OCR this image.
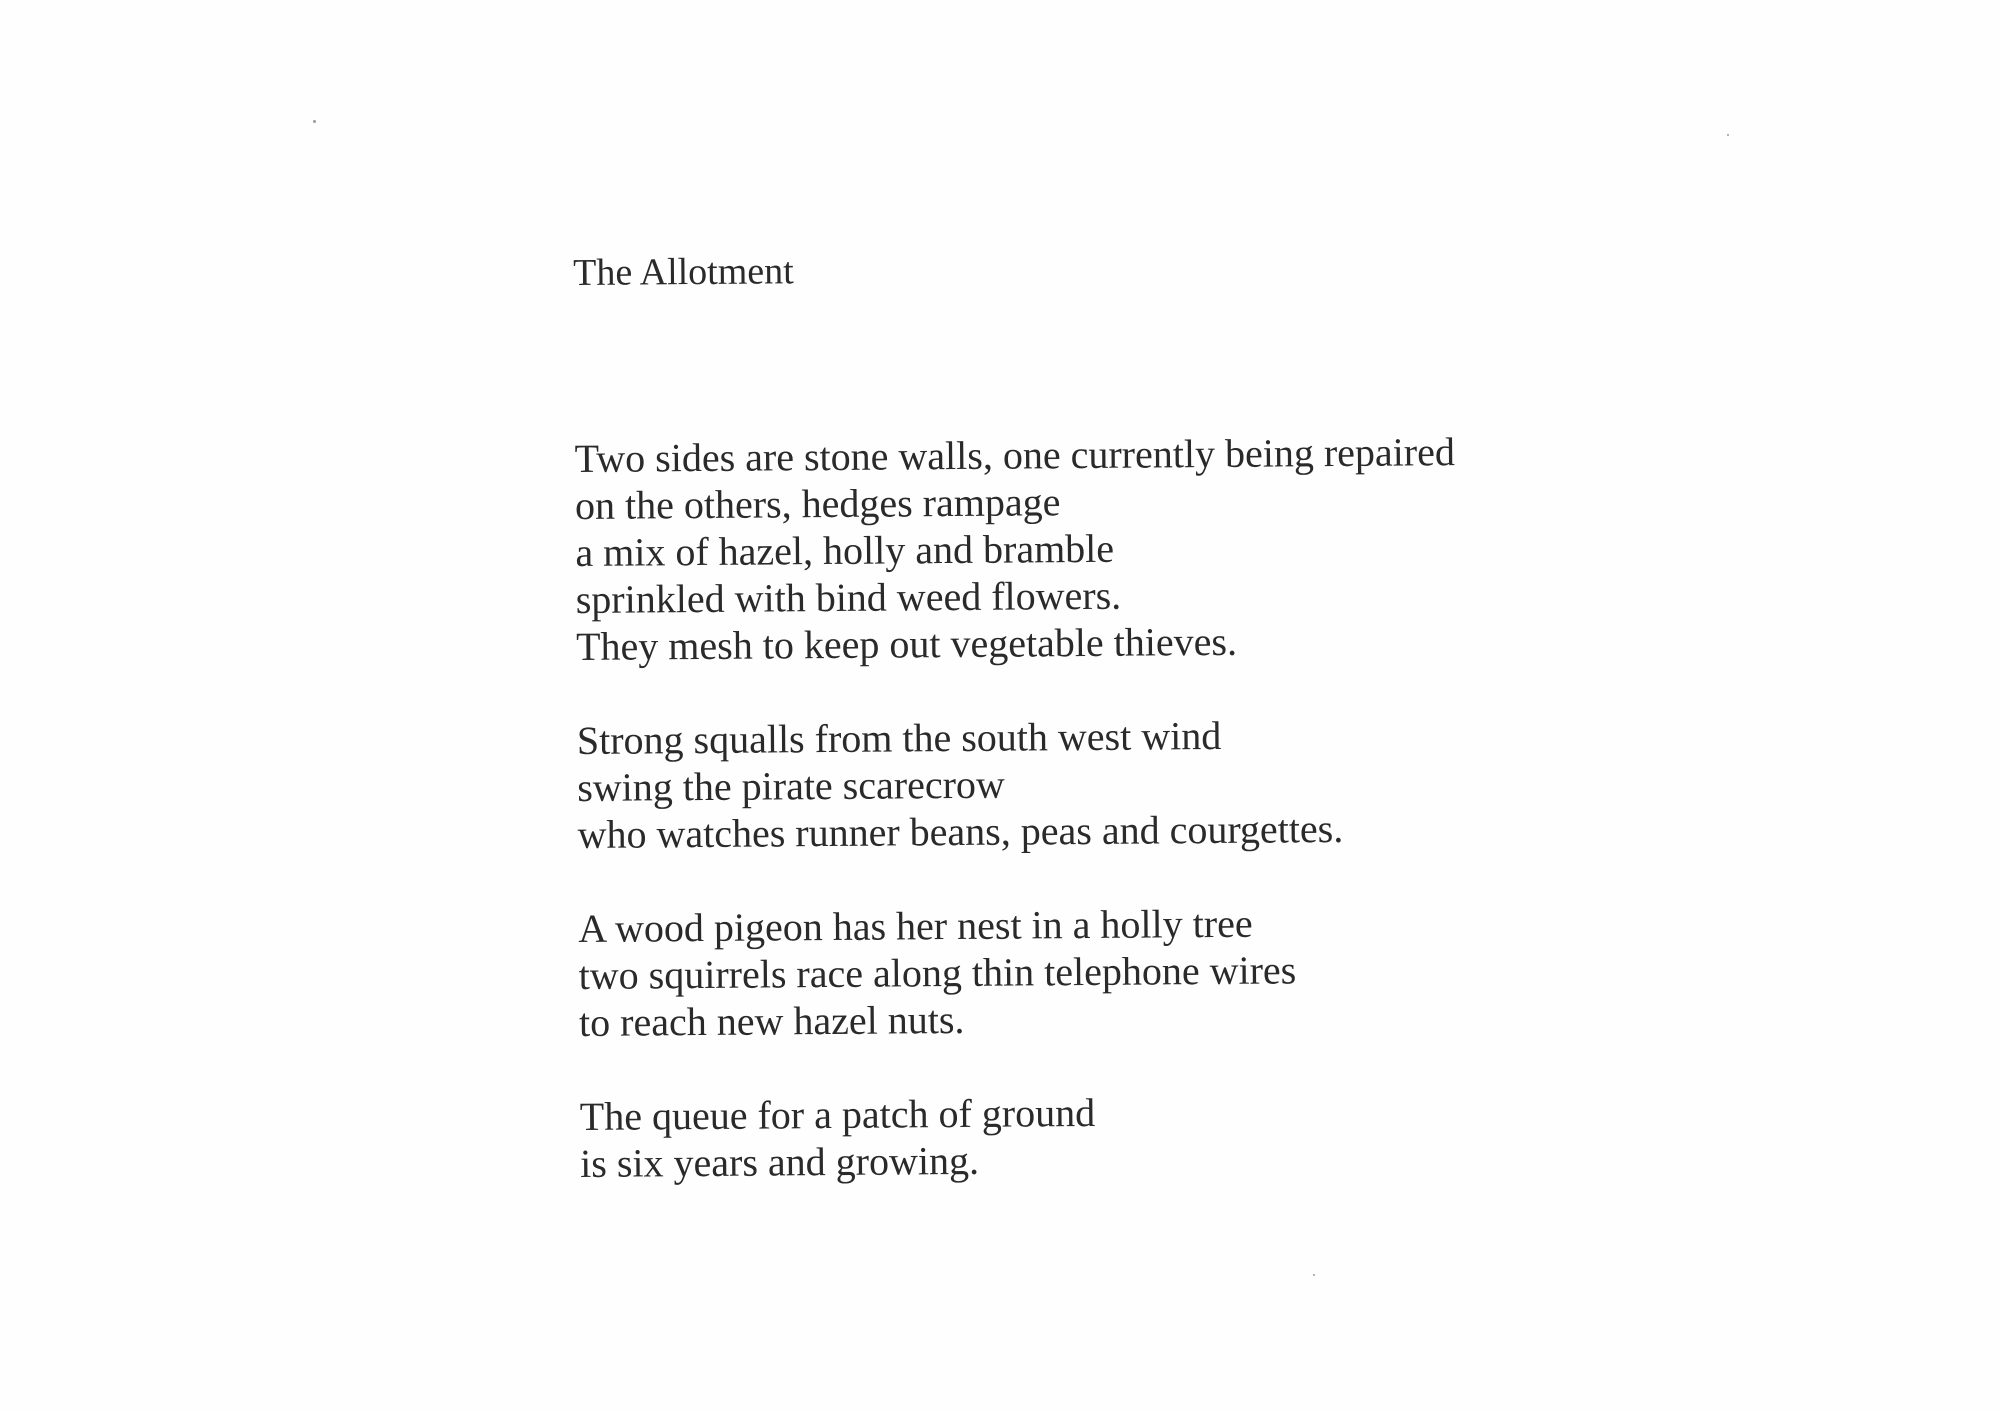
The Allotment
Two sides are stone walls, one currently being repaired
on the others, hedges rampage
a mix of hazel, holly and bramble
sprinkled with bind weed flowers.
They mesh to keep out vegetable thieves.
Strong squalls from the south west wind
swing the pirate scarecrow
who watches runner beans, peas and courgettes.
A wood pigeon has her nest in a holly tree
two squirrels race along thin telephone wires
to reach new hazel nuts.
The queue for a patch of ground
is six years and growing.
